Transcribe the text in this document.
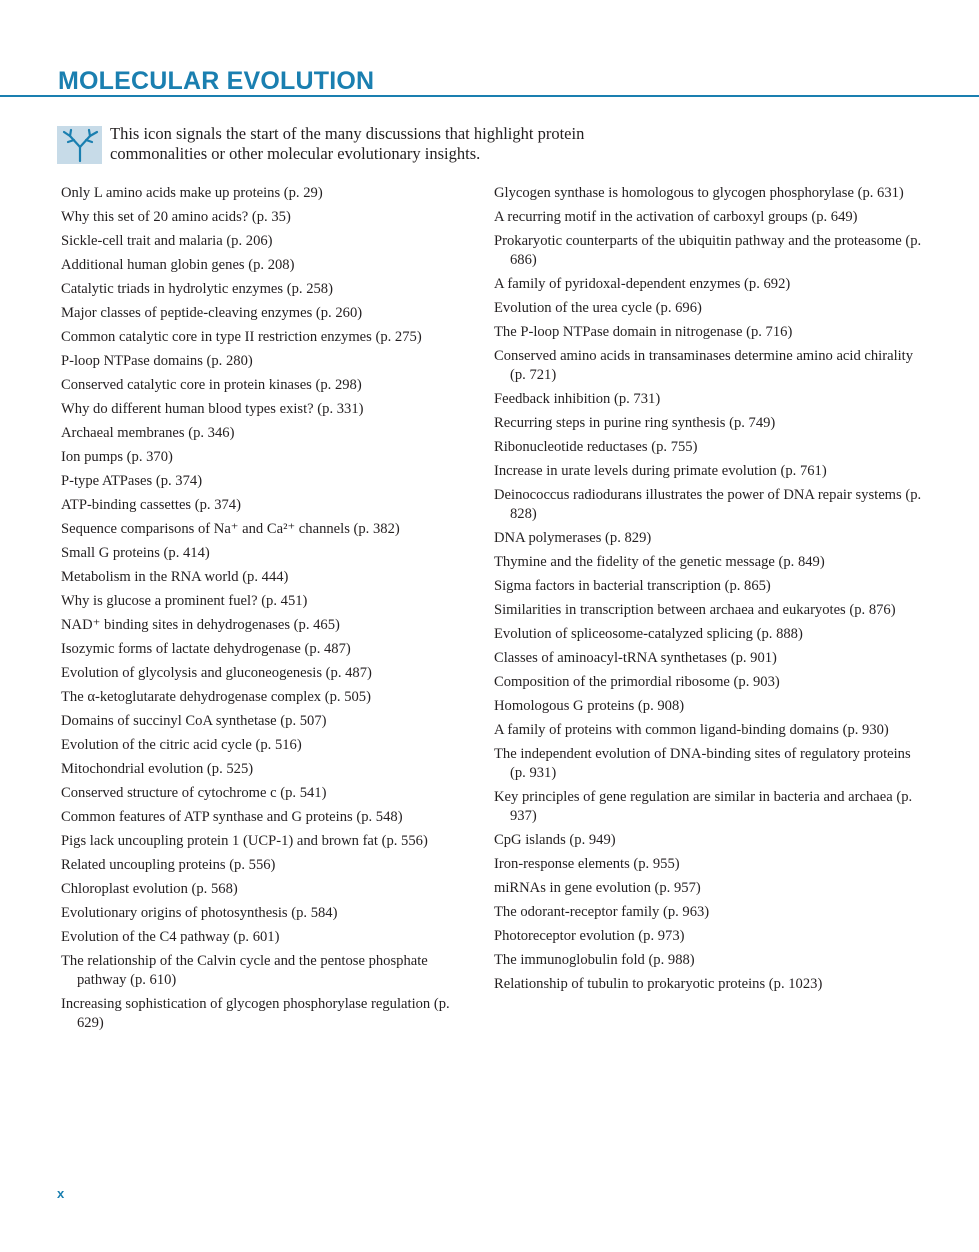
MOLECULAR EVOLUTION

This icon signals the start of the many discussions that highlight protein commonalities or other molecular evolutionary insights.

Only L amino acids make up proteins (p. 29)
Why this set of 20 amino acids? (p. 35)
Sickle-cell trait and malaria (p. 206)
Additional human globin genes (p. 208)
Catalytic triads in hydrolytic enzymes (p. 258)
Major classes of peptide-cleaving enzymes (p. 260)
Common catalytic core in type II restriction enzymes (p. 275)
P-loop NTPase domains (p. 280)
Conserved catalytic core in protein kinases (p. 298)
Why do different human blood types exist? (p. 331)
Archaeal membranes (p. 346)
Ion pumps (p. 370)
P-type ATPases (p. 374)
ATP-binding cassettes (p. 374)
Sequence comparisons of Na⁺ and Ca²⁺ channels (p. 382)
Small G proteins (p. 414)
Metabolism in the RNA world (p. 444)
Why is glucose a prominent fuel? (p. 451)
NAD⁺ binding sites in dehydrogenases (p. 465)
Isozymic forms of lactate dehydrogenase (p. 487)
Evolution of glycolysis and gluconeogenesis (p. 487)
The α-ketoglutarate dehydrogenase complex (p. 505)
Domains of succinyl CoA synthetase (p. 507)
Evolution of the citric acid cycle (p. 516)
Mitochondrial evolution (p. 525)
Conserved structure of cytochrome c (p. 541)
Common features of ATP synthase and G proteins (p. 548)
Pigs lack uncoupling protein 1 (UCP-1) and brown fat (p. 556)
Related uncoupling proteins (p. 556)
Chloroplast evolution (p. 568)
Evolutionary origins of photosynthesis (p. 584)
Evolution of the C4 pathway (p. 601)
The relationship of the Calvin cycle and the pentose phosphate pathway (p. 610)
Increasing sophistication of glycogen phosphorylase regulation (p. 629)
Glycogen synthase is homologous to glycogen phosphorylase (p. 631)
A recurring motif in the activation of carboxyl groups (p. 649)
Prokaryotic counterparts of the ubiquitin pathway and the proteasome (p. 686)
A family of pyridoxal-dependent enzymes (p. 692)
Evolution of the urea cycle (p. 696)
The P-loop NTPase domain in nitrogenase (p. 716)
Conserved amino acids in transaminases determine amino acid chirality (p. 721)
Feedback inhibition (p. 731)
Recurring steps in purine ring synthesis (p. 749)
Ribonucleotide reductases (p. 755)
Increase in urate levels during primate evolution (p. 761)
Deinococcus radiodurans illustrates the power of DNA repair systems (p. 828)
DNA polymerases (p. 829)
Thymine and the fidelity of the genetic message (p. 849)
Sigma factors in bacterial transcription (p. 865)
Similarities in transcription between archaea and eukaryotes (p. 876)
Evolution of spliceosome-catalyzed splicing (p. 888)
Classes of aminoacyl-tRNA synthetases (p. 901)
Composition of the primordial ribosome (p. 903)
Homologous G proteins (p. 908)
A family of proteins with common ligand-binding domains (p. 930)
The independent evolution of DNA-binding sites of regulatory proteins (p. 931)
Key principles of gene regulation are similar in bacteria and archaea (p. 937)
CpG islands (p. 949)
Iron-response elements (p. 955)
miRNAs in gene evolution (p. 957)
The odorant-receptor family (p. 963)
Photoreceptor evolution (p. 973)
The immunoglobulin fold (p. 988)
Relationship of tubulin to prokaryotic proteins (p. 1023)
x
